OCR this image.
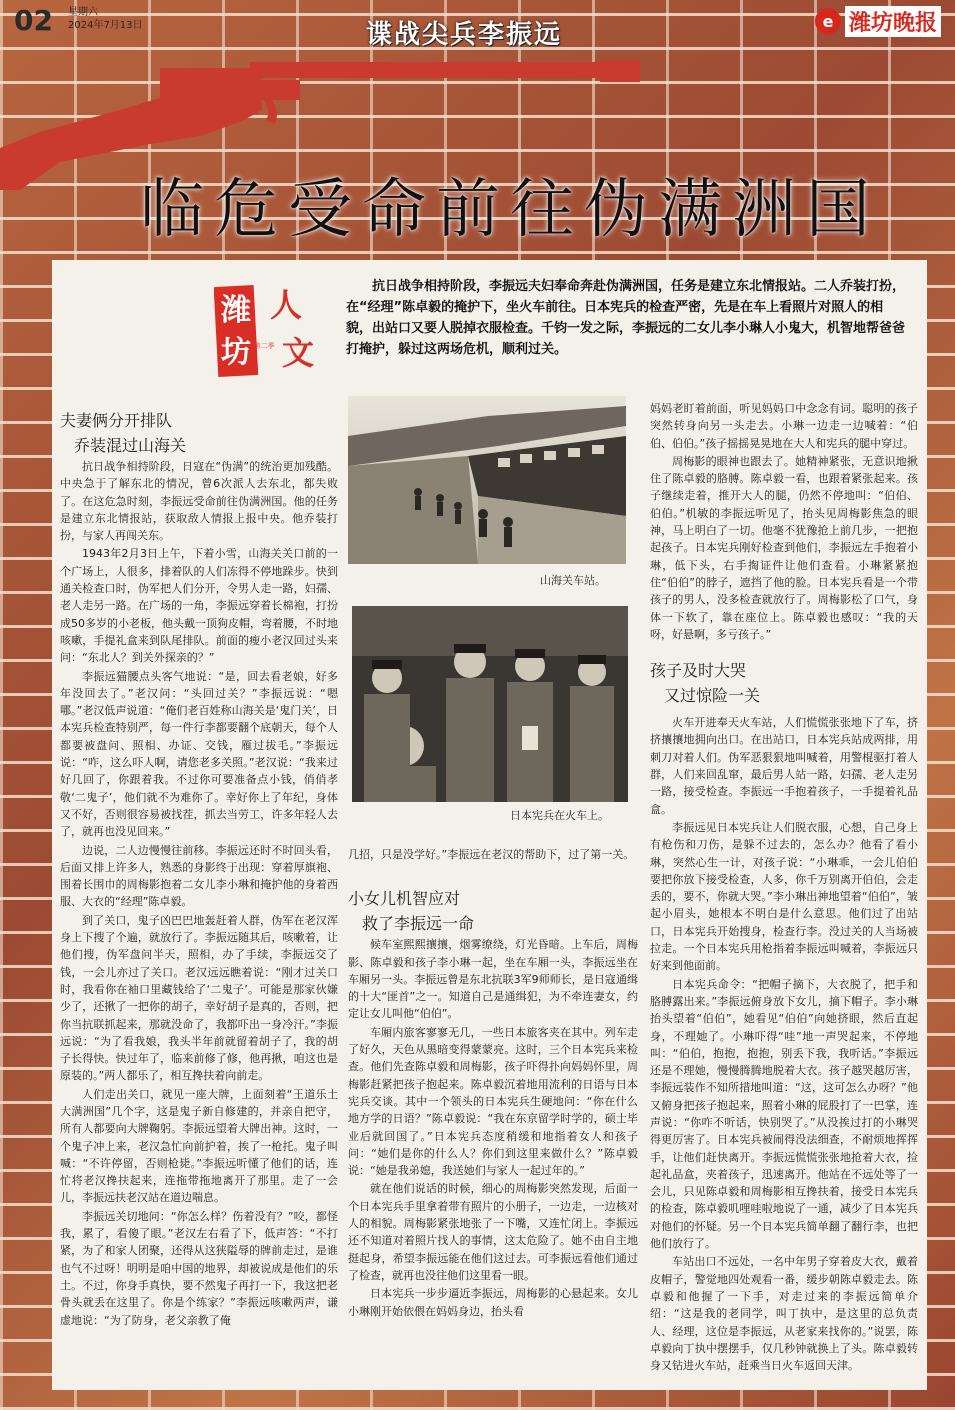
02 星期六
2024年7月13日	谍战尖兵李振远	e 潍坊晚报
临危受命前往伪满洲国
潍
坊
人
文
第二季

抗日战争相持阶段，李振远夫妇奉命奔赴伪满洲国，任务是建立东北情报站。二人乔装打扮，在“经理”陈卓毅的掩护下，坐火车前往。日本宪兵的检查严密，先是在车上看照片对照人的相貌，出站口又要人脱掉衣服检查。千钧一发之际，李振远的二女儿李小琳人小鬼大，机智地帮爸爸打掩护，躲过这两场危机，顺利过关。

夫妻俩分开排队
乔装混过山海关

抗日战争相持阶段，日寇在“伪满”的统治更加残酷。中央急于了解东北的情况，曾6次派人去东北，都失败了。在这危急时刻，李振远受命前往伪满洲国。他的任务是建立东北情报站，获取敌人情报上报中央。他乔装打扮，与家人再闯关东。

1943年2月3日上午，下着小雪，山海关关口前的一个广场上，人很多，排着队的人们冻得不停地跺步。快到通关检查口时，伪军把人们分开，令男人走一路，妇孺、老人走另一路。在广场的一角，李振远穿着长棉袍，打扮成50多岁的小老板，他头戴一顶狗皮帽，弯着腰，不时地咳嗽，手提礼盒来到队尾排队。前面的瘦小老汉回过头来问：“东北人？到关外探亲的？”

李振远猫腰点头客气地说：“是，回去看老娘，好多年没回去了。”老汉问：“头回过关？”李振远说：“嗯哪。”老汉低声说道：“俺们老百姓称山海关是‘鬼门关’，日本宪兵检查特别严，每一件行李都要翻个底朝天，每个人都要被盘问、照相、办证、交钱，雁过拔毛。”李振远说：“咋，这么吓人啊，请您老多关照。”老汉说：“我来过好几回了，你跟着我。不过你可要准备点小钱，俏俏孝敬‘二鬼子’，他们就不为难你了。幸好你上了年纪，身体又不好，否则很容易被找茬，抓去当劳工，许多年轻人去了，就再也没见回来。”

边说，二人边慢慢往前移。李振远还时不时回头看，后面又排上许多人，熟悉的身影终于出现：穿着厚旗袍、围着长围巾的周梅影抱着二女儿李小琳和掩护他的身着西服、大衣的“经理”陈卓毅。

到了关口，鬼子凶巴巴地轰赶着人群，伪军在老汉浑身上下搜了个遍，就放行了。李振远随其后，咳嗽着，让他们搜，伪军盘问半天，照相，办了手续，李振远交了钱，一会儿亦过了关口。老汉远远瞧着说：“刚才过关口时，我看你在袖口里藏钱给了‘二鬼子’。可能是那家伙嫌少了，还揪了一把你的胡子，幸好胡子是真的，否则，把你当抗联抓起来，那就没命了，我都吓出一身冷汗。”李振远说：“为了看我娘，我头半年前就留着胡子了，我的胡子长得快。快过年了，临来前修了修，他再揪，咱这也是原装的。”两人都乐了，相互搀扶着向前走。

人们走出关口，就见一座大牌，上面刻着“王道乐土大满洲国”几个字，这是鬼子新自修建的，并亲自把守，所有人都要向大牌鞠躬。李振远望着大牌出神。这时，一个鬼子冲上来，老汉急忙向前护着，挨了一枪托。鬼子叫喊：“不许停留，否则枪毙。”李振远听懂了他们的话，连忙将老汉搀扶起来，连拖带拖地离开了那里。走了一会儿，李振远扶老汉站在道边喘息。

李振远关切地问：“你怎么样？伤着没有？”咬，都怪我，累了，看傻了眼。”老汉左右看了下，低声答：“不打紧，为了和家人团聚，还得从这狭隘辱的牌前走过，是谁也气不过呀！明明是咱中国的地界，却被说成是他们的乐土。不过，你身手真快，要不然鬼子再打一下，我这把老骨头就丢在这里了。你是个练家？”李振远咳嗽两声，谦虚地说：“为了防身，老父亲教了俺

山海关车站。
日本宪兵在火车上。

几招，只是没学好。”李振远在老汉的帮助下，过了第一关。

小女儿机智应对
救了李振远一命

候车室熙熙攘攘，烟雾缭绕，灯光昏暗。上车后，周梅影、陈卓毅和孩子李小琳一起，坐在车厢一头，李振远坐在车厢另一头。李振远曾是东北抗联3军9师师长，是日寇通缉的十大“匪首”之一。知道自己是通缉犯，为不牵连妻女，约定让女儿叫他“伯伯”。

车厢内旅客寥寥无几，一些日本旅客夹在其中。列车走了好久，天色从黑暗变得蒙蒙亮。这时，三个日本宪兵来检查。他们先查陈卓毅和周梅影，孩子吓得扑向妈妈怀里，周梅影赶紧把孩子抱起来。陈卓毅沉着地用流利的日语与日本宪兵交谈。其中一个领头的日本宪兵生硬地问：“你在什么地方学的日语？”陈卓毅说：“我在东京留学时学的，硕士毕业后就回国了。”日本宪兵态度稍缓和地指着女人和孩子问：“她们是你的什么人？你们到这里来做什么？”陈卓毅说：“她是我弟媳，我送她们与家人一起过年的。”

就在他们说话的时候，细心的周梅影突然发现，后面一个日本宪兵手里拿着带有照片的小册子，一边走，一边核对人的相貌。周梅影紧张地张了一下嘴，又连忙闭上。李振远还不知道对着照片找人的事情，这太危险了。她不由自主地挺起身，希望李振远能在他们这过去。可李振远看他们通过了检查，就再也没往他们这里看一眼。

日本宪兵一步步逼近李振远，周梅影的心悬起来。女儿小琳刚开始依偎在妈妈身边，抬头看

妈妈老盯着前面，听见妈妈口中念念有词。聪明的孩子突然转身向另一头走去。小琳一边走一边喊着：“伯伯、伯伯。”孩子摇摇晃晃地在大人和宪兵的腿中穿过。

周梅影的眼神也跟去了。她精神紧张，无意识地揪住了陈卓毅的胳膊。陈卓毅一看，也跟着紧张起来。孩子继续走着，推开大人的腿，仍然不停地叫：“伯伯、伯伯。”机敏的李振远听见了，抬头见周梅影焦急的眼神，马上明白了一切。他毫不犹豫抢上前几步，一把抱起孩子。日本宪兵刚好检查到他们，李振远左手抱着小琳，低下头，右手掏证件让他们查看。小琳紧紧抱住“伯伯”的脖子，遮挡了他的脸。日本宪兵看是一个带孩子的男人，没多检查就放行了。周梅影松了口气，身体一下软了，靠在座位上。陈卓毅也感叹：“我的天呀，好悬啊，多亏孩子。”

孩子及时大哭
又过惊险一关

火车开进奉天火车站，人们慌慌张张地下了车，挤挤攘攘地拥向出口。在出站口，日本宪兵站成两排，用刺刀对着人们。伪军恶狠狠地叫喊着，用警棍驱打着人群，人们来回乱窜，最后男人站一路，妇孺、老人走另一路，接受检查。李振远一手抱着孩子，一手提着礼品盒。

李振远见日本宪兵让人们脱衣服，心想，自己身上有枪伤和刀伤，是躲不过去的，怎么办？他看了看小琳，突然心生一计，对孩子说：“小琳乖，一会儿伯伯要把你放下接受检查，人多，你千万别离开伯伯，会走丢的，要不，你就大哭。”李小琳出神地望着“伯伯”，皱起小眉头，她根本不明白是什么意思。他们过了出站口，日本宪兵开始搜身，检查行李。没过关的人当场被拉走。一个日本宪兵用枪指着李振远叫喊着，李振远只好来到他面前。

日本宪兵命令：“把帽子摘下，大衣脱了，把手和胳膊露出来。”李振远俯身放下女儿，摘下帽子。李小琳抬头望着“伯伯”，她看见“伯伯”向她挤眼，然后直起身，不理她了。小琳吓得“哇”地一声哭起来，不停地叫：“伯伯，抱抱，抱抱，别丢下我，我听话。”李振远还是不理她，慢慢腾腾地脱着大衣。孩子越哭越厉害，李振远装作不知所措地叫道：“这，这可怎么办呀？”他又俯身把孩子抱起来，照着小琳的屁股打了一巴掌，连声说：“你咋不听话，快别哭了。”从没挨过打的小琳哭得更厉害了。日本宪兵被闹得没法细查，不耐烦地挥挥手，让他们赶快离开。李振远慌慌张张地抢着大衣，捡起礼品盒，夹着孩子，迅速离开。他站在不远处等了一会儿，只见陈卓毅和周梅影相互搀扶着，接受日本宪兵的检查，陈卓毅叽哩哇啦地说了一通，减少了日本宪兵对他们的怀疑。另一个日本宪兵简单翻了翻行李，也把他们放行了。

车站出口不远处，一名中年男子穿着皮大衣，戴着皮帽子，警觉地四处观看一番，缓步朝陈卓毅走去。陈卓毅和他握了一下手，对走过来的李振远简单介绍：“这是我的老同学，叫丁执中，是这里的总负责人、经理，这位是李振远，从老家来找你的。”说罢，陈卓毅向丁执中摆摆手，仅几秒钟就换上了头。陈卓毅转身又钻进火车站，赶乘当日火车返回天津。
